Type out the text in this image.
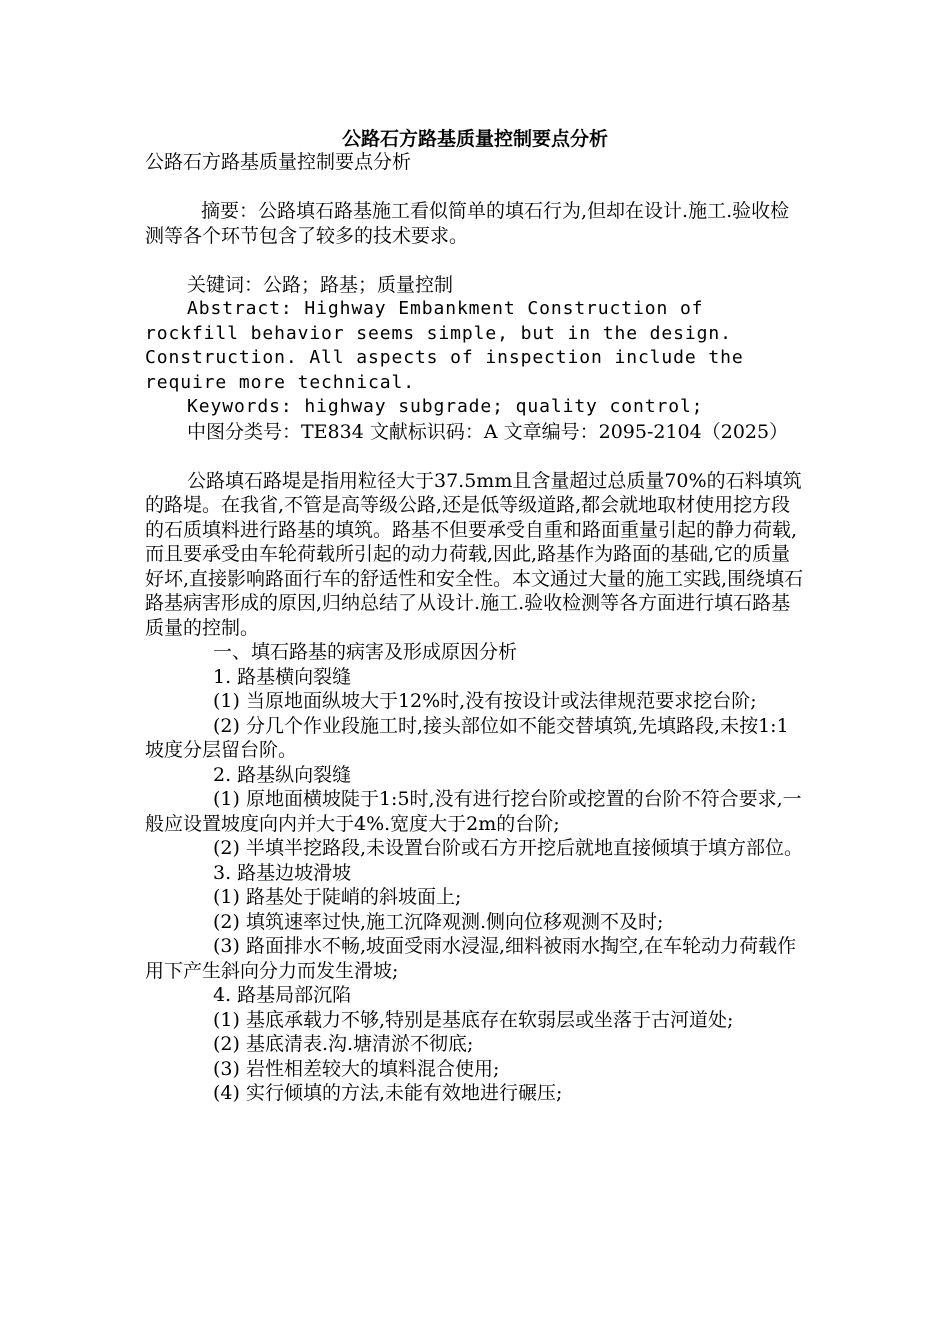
公路石方路基质量控制要点分析

公路石方路基质量控制要点分析

摘要：公路填石路基施工看似简单的填石行为,但却在设计.施工.验收检测等各个环节包含了较多的技术要求。

关键词：公路；路基；质量控制

Abstract: Highway Embankment Construction of rockfill behavior seems simple, but in the design. Construction. All aspects of inspection include the require more technical.

Keywords: highway subgrade; quality control;

中图分类号：TE834 文献标识码：A 文章编号：2095-2104（2025）

公路填石路堤是指用粒径大于37.5mm且含量超过总质量70%的石料填筑的路堤。在我省,不管是高等级公路,还是低等级道路,都会就地取材使用挖方段的石质填料进行路基的填筑。路基不但要承受自重和路面重量引起的静力荷载,而且要承受由车轮荷载所引起的动力荷载,因此,路基作为路面的基础,它的质量好坏,直接影响路面行车的舒适性和安全性。本文通过大量的施工实践,围绕填石路基病害形成的原因,归纳总结了从设计.施工.验收检测等各方面进行填石路基质量的控制。

一、填石路基的病害及形成原因分析

1. 路基横向裂缝

(1) 当原地面纵坡大于12%时,没有按设计或法律规范要求挖台阶;

(2) 分几个作业段施工时,接头部位如不能交替填筑,先填路段,未按1:1坡度分层留台阶。

2. 路基纵向裂缝

(1) 原地面横坡陡于1:5时,没有进行挖台阶或挖置的台阶不符合要求,一般应设置坡度向内并大于4%.宽度大于2m的台阶;

(2) 半填半挖路段,未设置台阶或石方开挖后就地直接倾填于填方部位。

3. 路基边坡滑坡

(1) 路基处于陡峭的斜坡面上;

(2) 填筑速率过快,施工沉降观测.侧向位移观测不及时;

(3) 路面排水不畅,坡面受雨水浸湿,细料被雨水掏空,在车轮动力荷载作用下产生斜向分力而发生滑坡;

4. 路基局部沉陷

(1) 基底承载力不够,特别是基底存在软弱层或坐落于古河道处;

(2) 基底清表.沟.塘清淤不彻底;

(3) 岩性相差较大的填料混合使用;

(4) 实行倾填的方法,未能有效地进行碾压;
